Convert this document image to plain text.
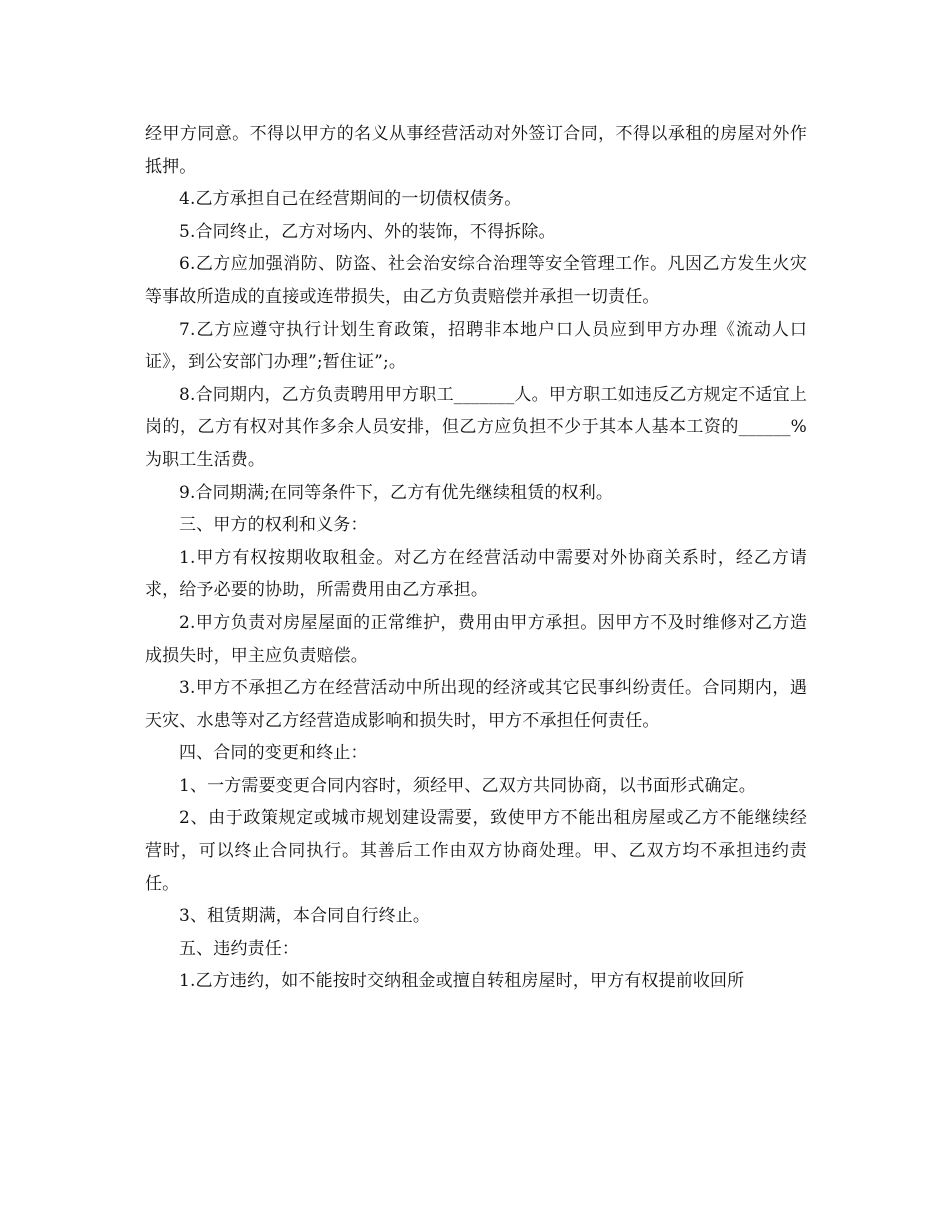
经甲方同意。不得以甲方的名义从事经营活动对外签订合同，不得以承租的房屋对外作抵押。

4.乙方承担自己在经营期间的一切债权债务。

5.合同终止，乙方对场内、外的装饰，不得拆除。

6.乙方应加强消防、防盗、社会治安综合治理等安全管理工作。凡因乙方发生火灾等事故所造成的直接或连带损失，由乙方负责赔偿并承担一切责任。

7.乙方应遵守执行计划生育政策，招聘非本地户口人员应到甲方办理《流动人口证》，到公安部门办理”;暂住证”;。

8.合同期内，乙方负责聘用甲方职工_______人。甲方职工如违反乙方规定不适宜上岗的，乙方有权对其作多余人员安排，但乙方应负担不少于其本人基本工资的______%为职工生活费。

9.合同期满;在同等条件下，乙方有优先继续租赁的权利。

三、甲方的权利和义务：

1.甲方有权按期收取租金。对乙方在经营活动中需要对外协商关系时，经乙方请求，给予必要的协助，所需费用由乙方承担。

2.甲方负责对房屋屋面的正常维护，费用由甲方承担。因甲方不及时维修对乙方造成损失时，甲主应负责赔偿。

3.甲方不承担乙方在经营活动中所出现的经济或其它民事纠纷责任。合同期内，遇天灾、水患等对乙方经营造成影响和损失时，甲方不承担任何责任。

四、合同的变更和终止：

1、一方需要变更合同内容时，须经甲、乙双方共同协商，以书面形式确定。

2、由于政策规定或城市规划建设需要，致使甲方不能出租房屋或乙方不能继续经营时，可以终止合同执行。其善后工作由双方协商处理。甲、乙双方均不承担违约责任。

3、租赁期满，本合同自行终止。

五、违约责任：

1.乙方违约，如不能按时交纳租金或擅自转租房屋时，甲方有权提前收回所
